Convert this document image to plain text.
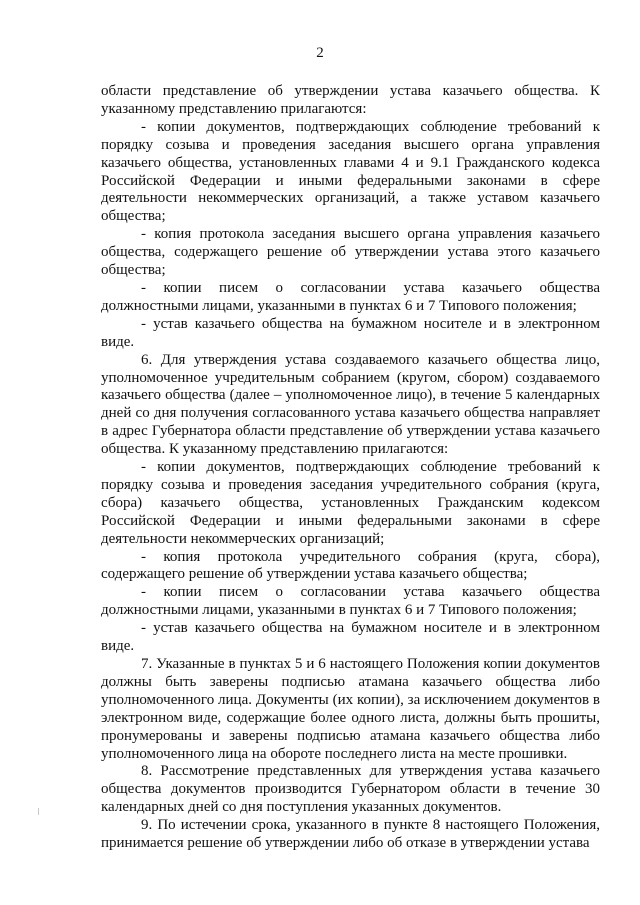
2

области представление об утверждении устава казачьего общества. К указанному представлению прилагаются:

- копии документов, подтверждающих соблюдение требований к порядку созыва и проведения заседания высшего органа управления казачьего общества, установленных главами 4 и 9.1 Гражданского кодекса Российской Федерации и иными федеральными законами в сфере деятельности некоммерческих организаций, а также уставом казачьего общества;

- копия протокола заседания высшего органа управления казачьего общества, содержащего решение об утверждении устава этого казачьего общества;

- копии писем о согласовании устава казачьего общества должностными лицами, указанными в пунктах 6 и 7 Типового положения;

- устав казачьего общества на бумажном носителе и в электронном виде.

6. Для утверждения устава создаваемого казачьего общества лицо, уполномоченное учредительным собранием (кругом, сбором) создаваемого казачьего общества (далее – уполномоченное лицо), в течение 5 календарных дней со дня получения согласованного устава казачьего общества направляет в адрес Губернатора области представление об утверждении устава казачьего общества. К указанному представлению прилагаются:

- копии документов, подтверждающих соблюдение требований к порядку созыва и проведения заседания учредительного собрания (круга, сбора) казачьего общества, установленных Гражданским кодексом Российской Федерации и иными федеральными законами в сфере деятельности некоммерческих организаций;

- копия протокола учредительного собрания (круга, сбора), содержащего решение об утверждении устава казачьего общества;

- копии писем о согласовании устава казачьего общества должностными лицами, указанными в пунктах 6 и 7 Типового положения;

- устав казачьего общества на бумажном носителе и в электронном виде.

7. Указанные в пунктах 5 и 6 настоящего Положения копии документов должны быть заверены подписью атамана казачьего общества либо уполномоченного лица. Документы (их копии), за исключением документов в электронном виде, содержащие более одного листа, должны быть прошиты, пронумерованы и заверены подписью атамана казачьего общества либо уполномоченного лица на обороте последнего листа на месте прошивки.

8. Рассмотрение представленных для утверждения устава казачьего общества документов производится Губернатором области в течение 30 календарных дней со дня поступления указанных документов.

9. По истечении срока, указанного в пункте 8 настоящего Положения, принимается решение об утверждении либо об отказе в утверждении устава
